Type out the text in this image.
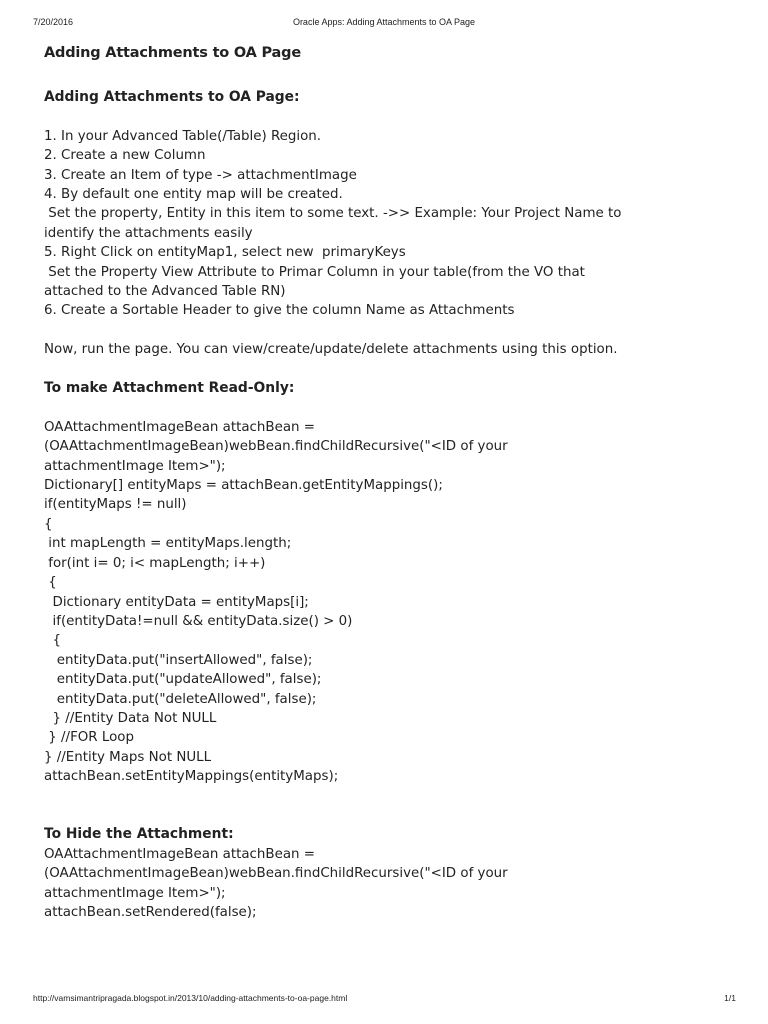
7/20/2016	Oracle Apps: Adding Attachments to OA Page
Adding Attachments to OA Page
Adding Attachments to OA Page:

1. In your Advanced Table(/Table) Region.

2. Create a new Column

3. Create an Item of type -> attachmentImage

4. By default one entity map will be created.

Set the property, Entity in this item to some text. ->> Example: Your Project Name to

identify the attachments easily

5. Right Click on entityMap1, select new  primaryKeys

Set the Property View Attribute to Primar Column in your table(from the VO that

attached to the Advanced Table RN)

6. Create a Sortable Header to give the column Name as Attachments

Now, run the page. You can view/create/update/delete attachments using this option.

To make Attachment Read-Only:

OAAttachmentImageBean attachBean =

(OAAttachmentImageBean)webBean.findChildRecursive("<ID of your

attachmentImage Item>");

Dictionary[] entityMaps = attachBean.getEntityMappings();

if(entityMaps != null)

{

int mapLength = entityMaps.length;

for(int i= 0; i< mapLength; i++)

{

Dictionary entityData = entityMaps[i];

if(entityData!=null && entityData.size() > 0)

{

entityData.put("insertAllowed", false);

entityData.put("updateAllowed", false);

entityData.put("deleteAllowed", false);

} //Entity Data Not NULL

} //FOR Loop

} //Entity Maps Not NULL

attachBean.setEntityMappings(entityMaps);

To Hide the Attachment:

OAAttachmentImageBean attachBean =

(OAAttachmentImageBean)webBean.findChildRecursive("<ID of your

attachmentImage Item>");

attachBean.setRendered(false);

http://vamsimantripragada.blogspot.in/2013/10/adding-attachments-to-oa-page.html	1/1
